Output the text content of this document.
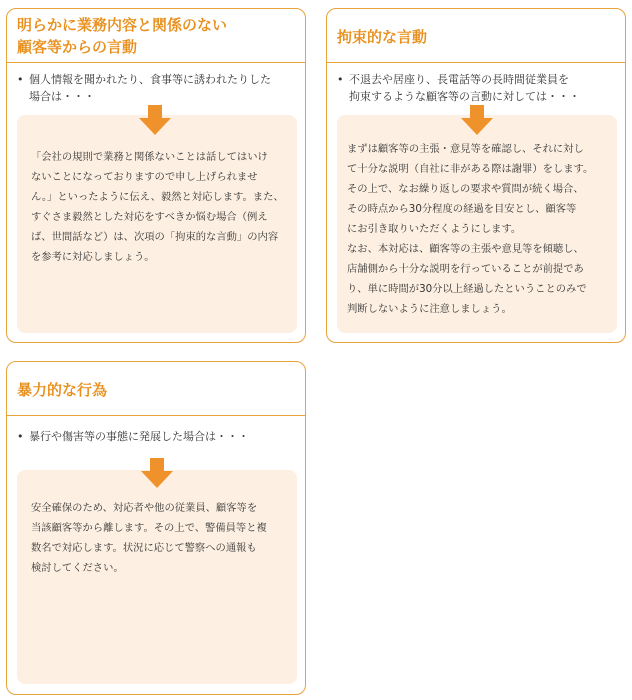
明らかに業務内容と関係のない
顧客等からの言動
• 個人情報を聞かれたり、食事等に誘われたりした
場合は・・・
「会社の規則で業務と関係ないことは話してはいけ
ないことになっておりますので申し上げられませ
ん。」といったように伝え、毅然と対応します。また、
すぐさま毅然とした対応をすべきか悩む場合（例え
ば、世間話など）は、次項の「拘束的な言動」の内容
を参考に対応しましょう。
拘束的な言動
• 不退去や居座り、長電話等の長時間従業員を
拘束するような顧客等の言動に対しては・・・
まずは顧客等の主張・意見等を確認し、それに対し
て十分な説明（自社に非がある際は謝罪）をします。
その上で、なお繰り返しの要求や質問が続く場合、
その時点から30分程度の経過を目安とし、顧客等
にお引き取りいただくようにします。
なお、本対応は、顧客等の主張や意見等を傾聴し、
店舗側から十分な説明を行っていることが前提であ
り、単に時間が30分以上経過したということのみで
判断しないように注意しましょう。
暴力的な行為
• 暴行や傷害等の事態に発展した場合は・・・
安全確保のため、対応者や他の従業員、顧客等を
当該顧客等から離します。その上で、警備員等と複
数名で対応します。状況に応じて警察への通報も
検討してください。
